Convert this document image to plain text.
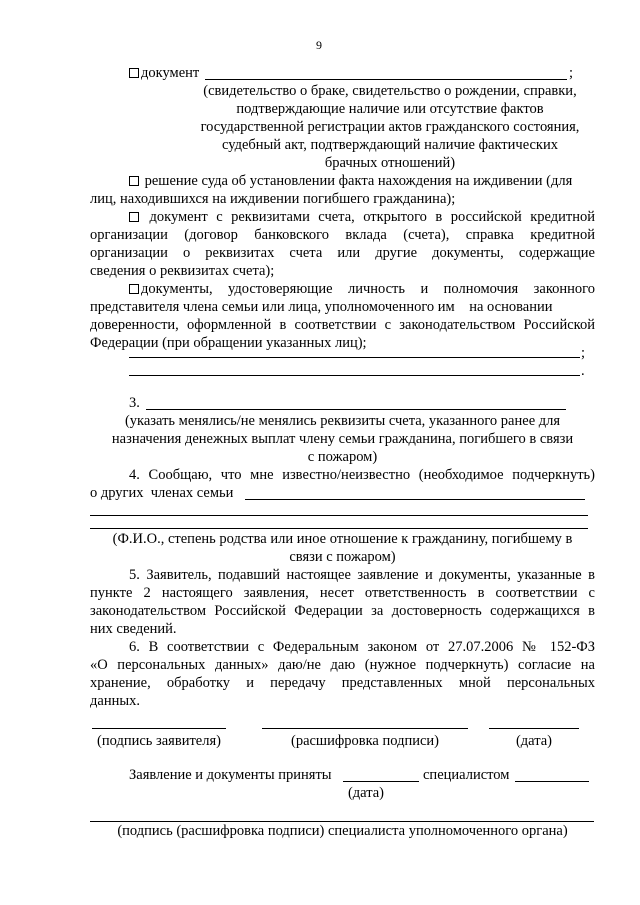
9
документ	;
(свидетельство о браке, свидетельство о рождении, справки,
подтверждающие наличие или отсутствие фактов
государственной регистрации актов гражданского состояния,
судебный акт, подтверждающий наличие фактических
брачных отношений)
решение суда об установлении факта нахождения на иждивении (для
лиц, находившихся на иждивении погибшего гражданина);
документ с реквизитами счета, открытого в российской кредитной
организации (договор банковского вклада (счета), справка кредитной
организации о реквизитах счета или другие документы, содержащие
сведения о реквизитах счета);
документы, удостоверяющие личность и полномочия законного
представителя члена семьи или лица, уполномоченного им    на основании
доверенности, оформленной в соответствии с законодательством Российской
Федерации (при обращении указанных лиц);
;
.
3.
(указать менялись/не менялись реквизиты счета, указанного ранее для
назначения денежных выплат члену семьи гражданина, погибшего в связи
с пожаром)
4. Сообщаю, что мне известно/неизвестно (необходимое подчеркнуть)
о других  членах семьи
(Ф.И.О., степень родства или иное отношение к гражданину, погибшему в
связи с пожаром)
5. Заявитель, подавший настоящее заявление и документы, указанные в
пункте 2 настоящего заявления, несет ответственность в соответствии с
законодательством Российской Федерации за достоверность содержащихся в
них сведений.
6. В соответствии с Федеральным законом от 27.07.2006 № 152-ФЗ
«О персональных данных» даю/не даю (нужное подчеркнуть) согласие на
хранение, обработку и передачу представленных мной персональных
данных.
(подпись заявителя)	(расшифровка подписи)	(дата)
Заявление и документы приняты	специалистом
(дата)
(подпись (расшифровка подписи) специалиста уполномоченного органа)
